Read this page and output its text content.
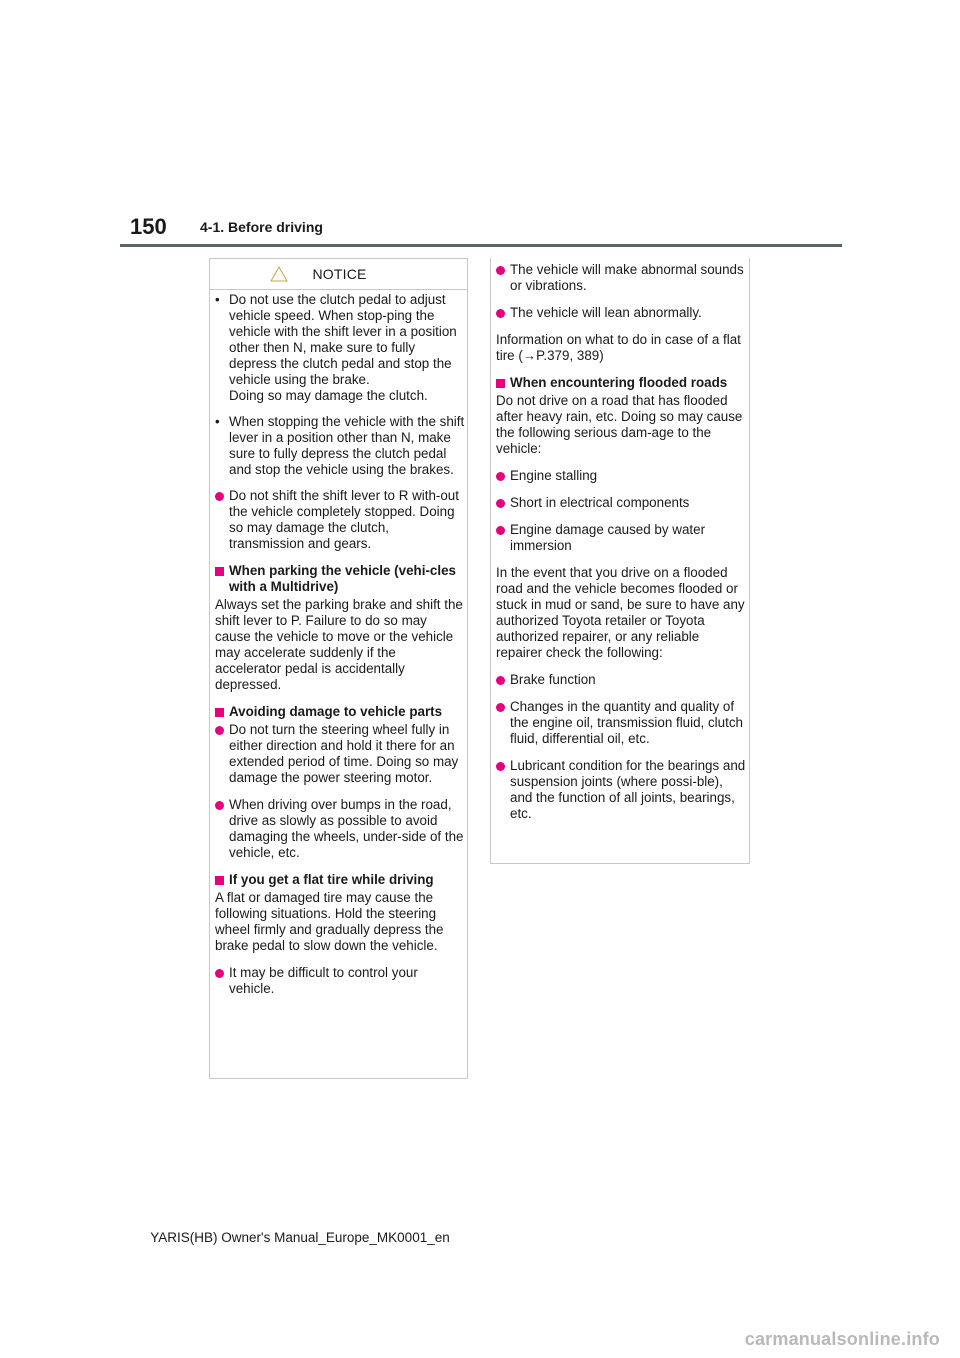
150 4-1. Before driving
NOTICE
• Do not use the clutch pedal to adjust vehicle speed. When stop-ping the vehicle with the shift lever in a position other then N, make sure to fully depress the clutch pedal and stop the vehicle using the brake.
Doing so may damage the clutch.
• When stopping the vehicle with the shift lever in a position other than N, make sure to fully depress the clutch pedal and stop the vehicle using the brakes.
Do not shift the shift lever to R with-out the vehicle completely stopped. Doing so may damage the clutch, transmission and gears.
When parking the vehicle (vehi-cles with a Multidrive)
Always set the parking brake and shift the shift lever to P. Failure to do so may cause the vehicle to move or the vehicle may accelerate suddenly if the accelerator pedal is accidentally depressed.
Avoiding damage to vehicle parts
Do not turn the steering wheel fully in either direction and hold it there for an extended period of time. Doing so may damage the power steering motor.
When driving over bumps in the road, drive as slowly as possible to avoid damaging the wheels, under-side of the vehicle, etc.
If you get a flat tire while driving
A flat or damaged tire may cause the following situations. Hold the steering wheel firmly and gradually depress the brake pedal to slow down the vehicle.
It may be difficult to control your vehicle.
The vehicle will make abnormal sounds or vibrations.
The vehicle will lean abnormally.
Information on what to do in case of a flat tire (→P.379, 389)
When encountering flooded roads
Do not drive on a road that has flooded after heavy rain, etc. Doing so may cause the following serious dam-age to the vehicle:
Engine stalling
Short in electrical components
Engine damage caused by water immersion
In the event that you drive on a flooded road and the vehicle becomes flooded or stuck in mud or sand, be sure to have any authorized Toyota retailer or Toyota authorized repairer, or any reliable repairer check the following:
Brake function
Changes in the quantity and quality of the engine oil, transmission fluid, clutch fluid, differential oil, etc.
Lubricant condition for the bearings and suspension joints (where possi-ble), and the function of all joints, bearings, etc.
YARIS(HB) Owner's Manual_Europe_MK0001_en
carmanualsonline.info
